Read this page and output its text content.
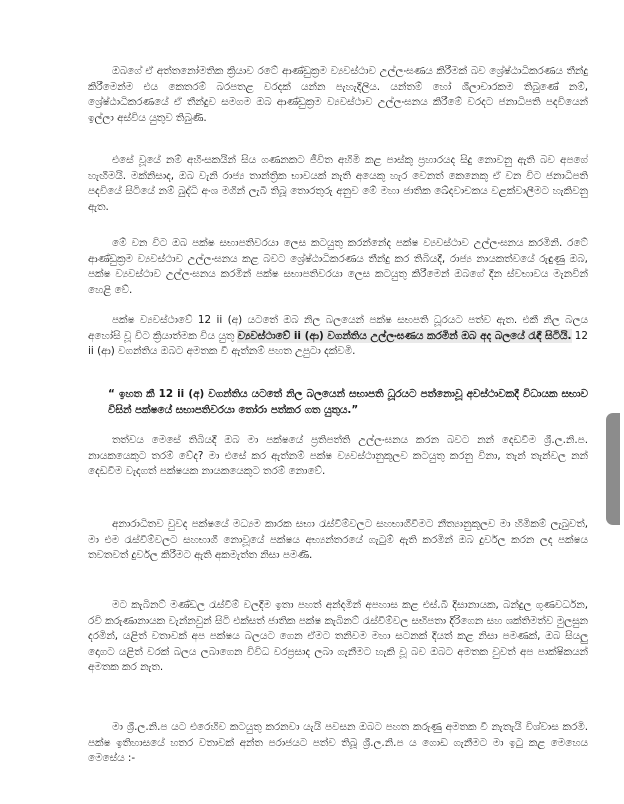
ඔබගේ ඒ අත්තනෝමතික ක්‍රියාව රටේ ආණ්ඩුක්‍රම ව්‍යවස්ථාව උල්ලංඝණය කිරීමක් බව ශ්‍රේෂ්ඨාධිකරණය තීන්දු කිරීමෙන්ම එය කෙතරම් බරපතළ වරදක් යන්න පැහැදිලිය. යන්තම් හෝ ශීලාචාරකම තිබුණේ නම්, ශ්‍රේෂ්ඨාධිකරණයේ ඒ තීන්දුව සමගම ඔබ ආණ්ඩුක්‍රම ව්‍යවස්ථාව උල්ලංඝනය කිරීමේ වරදට ජනාධිපති පදවියෙන් ඉල්ලා අස්විය යුතුව තිබුණි.

එසේ වූයේ නම් අහිංසකයින් සිය ගණනකට ජීවිත අහිමි කළ පාස්කු ප්‍රහාරයද සිදු නොවනු ඇති බව අපගේ හැඟීමයි. මක්නිසාද, ඔබ වැනි රාජ්‍ය තාන්ත්‍රික භාවයක් නැති අයෙකු හැර වෙනත් කෙනෙකු ඒ වන විට ජනාධිපති පදවියේ සිටියේ නම් බුද්ධි අංශ මගින් ලැබී තිබූ තොරතුරු අනුව මේ මහා ජාතික ඛේදවාචකය වළක්වාලීමට හැකිවනු ඇත.

මේ වන විට ඔබ පක්ෂ සභාපතිවරයා ලෙස කටයුතු කරන්නේද පක්ෂ ව්‍යවස්ථාව උල්ලංඝනය කරමිනි. රටේ ආණ්ඩුක්‍රම ව්‍යවස්ථාව උල්ලංඝනය කළ බවට ශ්‍රේෂ්ඨාධිකරණය තීන්දු කර තිබියදී, රාජ්‍ය නායකත්වයේ රුඳුණු ඔබ, පක්ෂ ව්‍යවස්ථාව උල්ලංඝනය කරමින් පක්ෂ සභාපතිවරයා ලෙස කටයුතු කිරීමෙන් ඔබගේ දීන ස්වභාවය මැනවින් හෙළි වේ.

පක්ෂ ව්‍යවස්ථාවේ 12 ii (අ) යටතේ ඔබ නිල බලයෙන් පක්ෂ සභපති ධූරයට පත්ව ඇත. එකී නිල බලය අහෝසි වූ විට ක්‍රියාත්මක විය යුතු ව්‍යවස්ථාවේ ii (ආ) වගන්තිය උල්ලංඝණය කරමින් ඔබ අද බලයේ රැඳී සිටියි. 12 ii (ආ) වගන්තිය ඔබට අමතක වී ඇත්නම් පහත උපුටා දක්වමි.

“ ඉහත කී 12 ii (අ) වගන්තිය යටතේ නිල බලයෙන් සභාපති ධූරයට පත්නොවූ අවස්ථාවකදී විධායක සභාව විසින් පක්ෂයේ සභාපතිවරයා තෝරා පත්කර ගත යුතුය.”

තත්වය මෙසේ තිබියදී ඔබ මා පක්ෂයේ ප්‍රතිපත්ති උල්ලංඝනය කරන බවට නන් දෙඩවීම ශ්‍රී.ල.නි.ප. නායකයෙකුට තරම් වේද? මා එසේ කර ඇත්නම් පක්ෂ ව්‍යවස්ථානුකූලව කටයුතු කරනු විනා, තැන් තැන්වල නන් දෙඩවීම වැදගත් පක්ෂයක නායකයෙකුට තරම් නොවේ.

අනාරාධිතව වුවද පක්ෂයේ මධ්‍යම කාරක සභා රැස්වීම්වලට සහභාගීවීමට නීත්‍යානුකූලව මා හිමිකම් ලැබුවත්, මා එම රැස්වීම්වලට සහභාගී නොවූයේ පක්ෂය අභ්‍යන්තරයේ ගැටුම් ඇති කරමින් ඔබ දුර්වල කරන ලද පක්ෂය තවතවත් දුර්වල කිරීමට ඇති අකමැත්ත නිසා පමණි.

මට කැබිනට් මණ්ඩල රැස්වීම් වලදීම ඉතා පහත් අන්දමින් අපහාස කළ එස්.බී දිසානායක, බන්දුල ගුණවර්ධන, රවි කරුණානායක වැන්නවුන් සිටි එක්සත් ජාතික පක්ෂ කැබිනට් රැස්වීම්වල සභිපතා දිරිගෙන සහ ශක්තිමත්ව මුලසුන දරමින්, යළිත් වතාවක් අප පක්ෂය බලයට ගෙන ඒමට තනිවම මහා සටනක් දියත් කළ නිසා පමණක්, ඔබ සියලු දොගට යළිත් වරක් බලය ලබාගෙන විවිධ වරප්‍රසාද ලබා ගැනීමට හැකි වූ බව ඔබට අමතක වුවත් අප පාක්ෂිකයන් අමතක කර නැත.

මා ශ්‍රී.ල.නි.ප යට එරෙහිව කටයුතු කරනවා යැයි පවසන ඔබට පහත කරුණු අමතක වී නැතැයි විශ්වාස කරමි. පක්ෂ ඉතිහාසයේ හතර වතාවක් අන්ත පරාජයට පත්ව තිබූ ශ්‍රී.ල.නි.ප ය ගොඩ ගැනීමට මා ඉටු කළ මෙහෙය මෙසේය :-
